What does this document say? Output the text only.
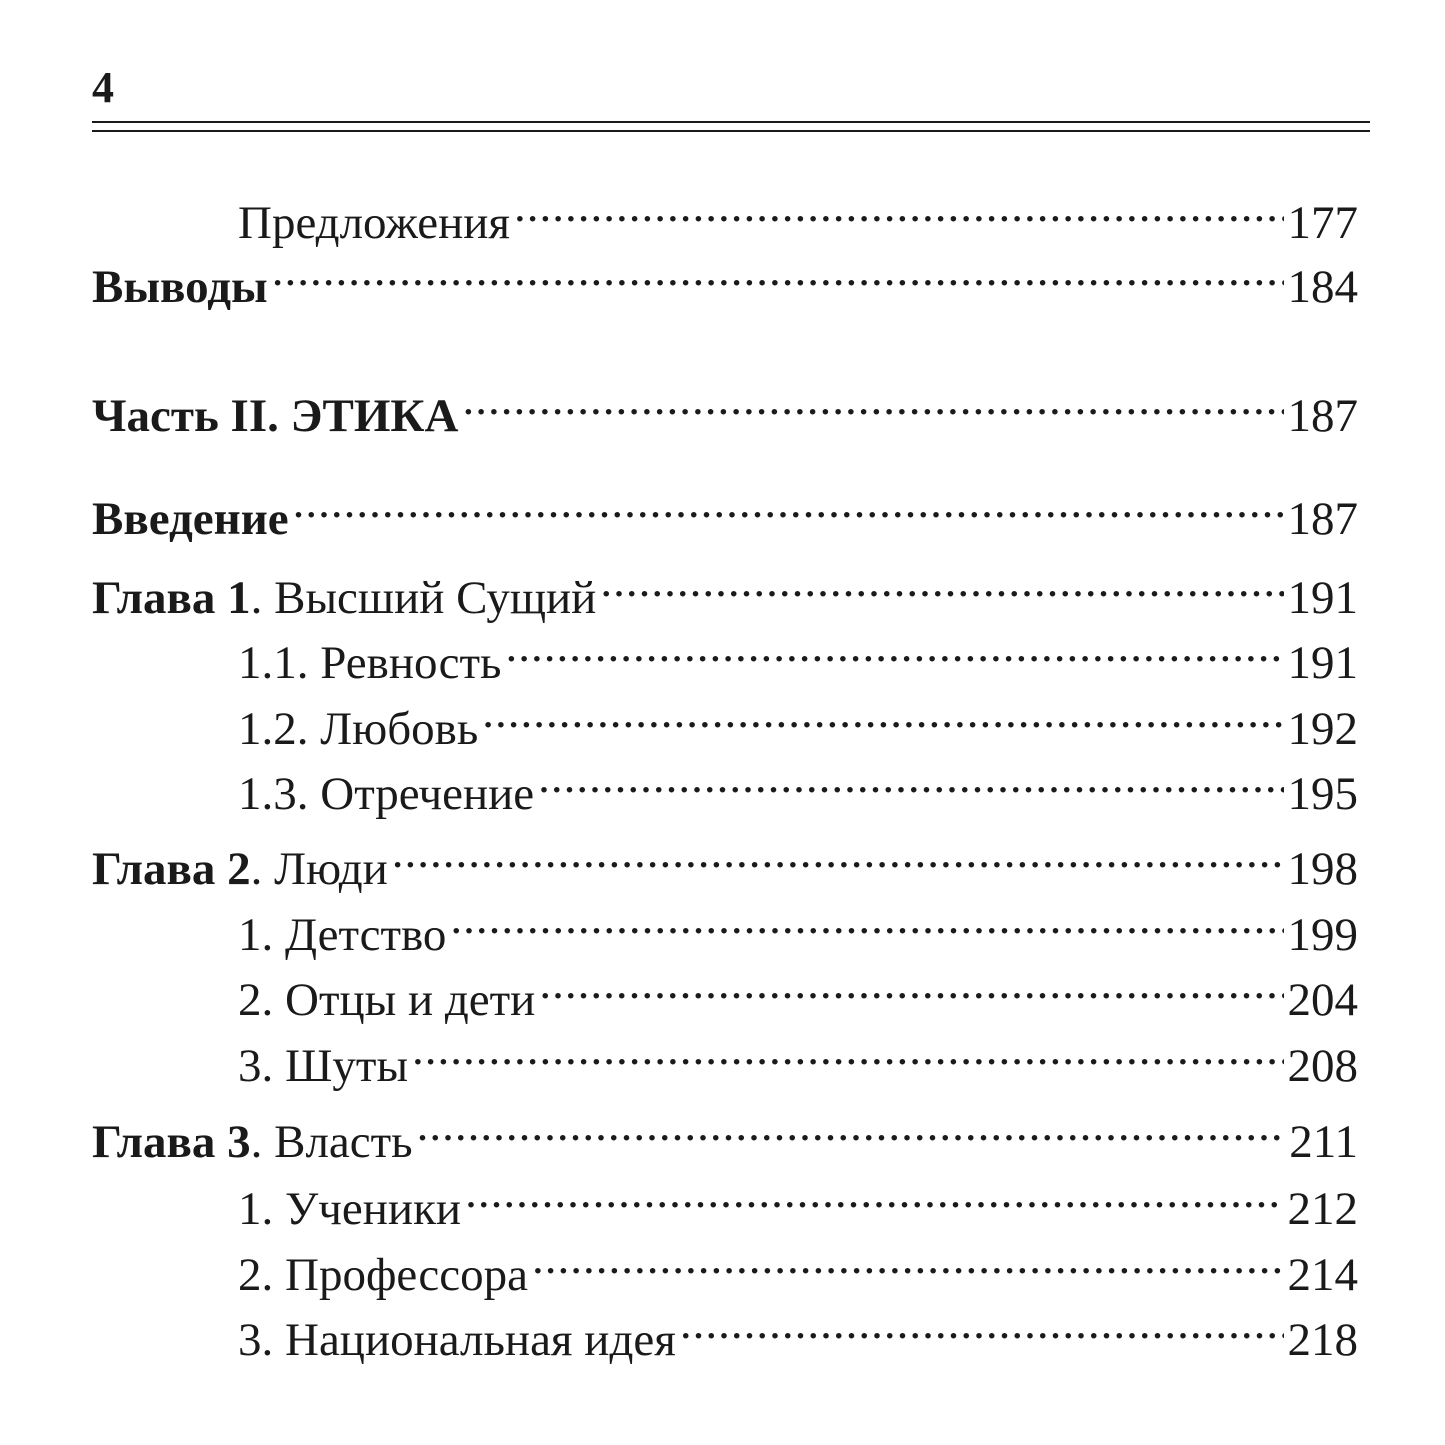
4
Предложения .....	177
Выводы .....	184
Часть II. ЭТИКА .....	187
Введение .....	187
Глава 1. Высший Сущий .....	191
1.1. Ревность .....	191
1.2. Любовь .....	192
1.3. Отречение .....	195
Глава 2. Люди .....	198
1. Детство .....	199
2. Отцы и дети .....	204
3. Шуты .....	208
Глава 3. Власть .....	211
1. Ученики .....	212
2. Профессора .....	214
3. Национальная идея .....	218
